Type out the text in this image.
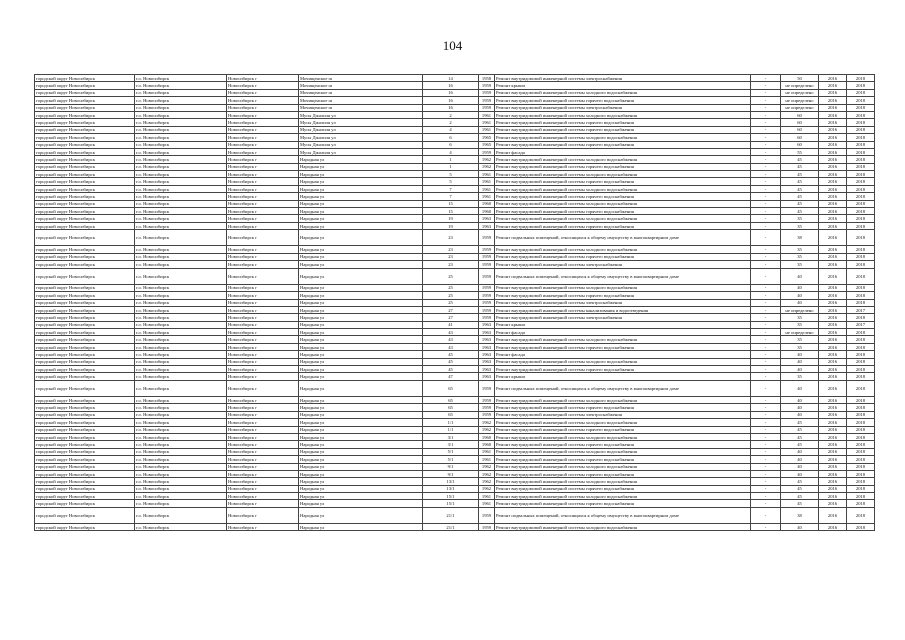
104
городской округ Новосибирск	г.о. Новосибирск	Новосибирск г	Мочищенское ш	14	1958	Ремонт внутридомовой инженерной системы электроснабжения	-	50	2016	2018
городской округ Новосибирск	г.о. Новосибирск	Новосибирск г	Мочищенское ш	16	1959	Ремонт крыши	-	не определено	2016	2018
городской округ Новосибирск	г.о. Новосибирск	Новосибирск г	Мочищенское ш	16	1959	Ремонт внутридомовой инженерной системы холодного водоснабжения	-	не определено	2016	2018
городской округ Новосибирск	г.о. Новосибирск	Новосибирск г	Мочищенское ш	16	1959	Ремонт внутридомовой инженерной системы горячего водоснабжения	-	не определено	2016	2018
городской округ Новосибирск	г.о. Новосибирск	Новосибирск г	Мочищенское ш	16	1959	Ремонт внутридомовой инженерной системы электроснабжения	-	не определено	2016	2018
городской округ Новосибирск	г.о. Новосибирск	Новосибирск г	Мусы Джалиля ул	2	1961	Ремонт внутридомовой инженерной системы холодного водоснабжения	-	60	2016	2018
городской округ Новосибирск	г.о. Новосибирск	Новосибирск г	Мусы Джалиля ул	2	1961	Ремонт внутридомовой инженерной системы горячего водоснабжения	-	60	2016	2018
городской округ Новосибирск	г.о. Новосибирск	Новосибирск г	Мусы Джалиля ул	4	1961	Ремонт внутридомовой инженерной системы горячего водоснабжения	-	60	2016	2018
городской округ Новосибирск	г.о. Новосибирск	Новосибирск г	Мусы Джалиля ул	6	1965	Ремонт внутридомовой инженерной системы холодного водоснабжения	-	60	2016	2018
городской округ Новосибирск	г.о. Новосибирск	Новосибирск г	Мусы Джалиля ул	6	1965	Ремонт внутридомовой инженерной системы горячего водоснабжения	-	60	2016	2018
городской округ Новосибирск	г.о. Новосибирск	Новосибирск г	Мусы Джалиля ул	4	1959	Ремонт фасада	-	55	2016	2018
городской округ Новосибирск	г.о. Новосибирск	Новосибирск г	Народная ул	1	1962	Ремонт внутридомовой инженерной системы холодного водоснабжения	-	45	2016	2018
городской округ Новосибирск	г.о. Новосибирск	Новосибирск г	Народная ул	1	1962	Ремонт внутридомовой инженерной системы горячего водоснабжения	-	45	2016	2018
городской округ Новосибирск	г.о. Новосибирск	Новосибирск г	Народная ул	5	1961	Ремонт внутридомовой инженерной системы холодного водоснабжения	-	45	2016	2018
городской округ Новосибирск	г.о. Новосибирск	Новосибирск г	Народная ул	5	1961	Ремонт внутридомовой инженерной системы горячего водоснабжения	-	45	2016	2018
городской округ Новосибирск	г.о. Новосибирск	Новосибирск г	Народная ул	7	1961	Ремонт внутридомовой инженерной системы холодного водоснабжения	-	45	2016	2018
городской округ Новосибирск	г.о. Новосибирск	Новосибирск г	Народная ул	7	1961	Ремонт внутридомовой инженерной системы горячего водоснабжения	-	45	2016	2018
городской округ Новосибирск	г.о. Новосибирск	Новосибирск г	Народная ул	15	1960	Ремонт внутридомовой инженерной системы холодного водоснабжения	-	45	2016	2018
городской округ Новосибирск	г.о. Новосибирск	Новосибирск г	Народная ул	15	1960	Ремонт внутридомовой инженерной системы горячего водоснабжения	-	45	2016	2018
городской округ Новосибирск	г.о. Новосибирск	Новосибирск г	Народная ул	19	1963	Ремонт внутридомовой инженерной системы холодного водоснабжения	-	35	2016	2018
городской округ Новосибирск	г.о. Новосибирск	Новосибирск г	Народная ул	19	1963	Ремонт внутридомовой инженерной системы горячего водоснабжения	-	35	2016	2018
городской округ Новосибирск	г.о. Новосибирск	Новосибирск г	Народная ул	23	1959	Ремонт подвальных помещений, относящихся к общему имуществу в многоквартирном доме	-	38	2016	2018
городской округ Новосибирск	г.о. Новосибирск	Новосибирск г	Народная ул	23	1959	Ремонт внутридомовой инженерной системы холодного водоснабжения	-	35	2016	2018
городской округ Новосибирск	г.о. Новосибирск	Новосибирск г	Народная ул	23	1959	Ремонт внутридомовой инженерной системы горячего водоснабжения	-	35	2016	2018
городской округ Новосибирск	г.о. Новосибирск	Новосибирск г	Народная ул	23	1959	Ремонт внутридомовой инженерной системы электроснабжения	-	35	2016	2018
городской округ Новосибирск	г.о. Новосибирск	Новосибирск г	Народная ул	25	1959	Ремонт подвальных помещений, относящихся к общему имуществу в многоквартирном доме	-	40	2016	2018
городской округ Новосибирск	г.о. Новосибирск	Новосибирск г	Народная ул	25	1959	Ремонт внутридомовой инженерной системы холодного водоснабжения	-	40	2016	2018
городской округ Новосибирск	г.о. Новосибирск	Новосибирск г	Народная ул	25	1959	Ремонт внутридомовой инженерной системы горячего водоснабжения	-	40	2016	2018
городской округ Новосибирск	г.о. Новосибирск	Новосибирск г	Народная ул	25	1959	Ремонт внутридомовой инженерной системы электроснабжения	-	40	2016	2018
городской округ Новосибирск	г.о. Новосибирск	Новосибирск г	Народная ул	27	1959	Ремонт внутридомовой инженерной системы канализования и водоотведения	-	не определено	2016	2017
городской округ Новосибирск	г.о. Новосибирск	Новосибирск г	Народная ул	27	1959	Ремонт внутридомовой инженерной системы электроснабжения	-	35	2016	2018
городской округ Новосибирск	г.о. Новосибирск	Новосибирск г	Народная ул	41	1963	Ремонт крыши	-	35	2016	2017
городской округ Новосибирск	г.о. Новосибирск	Новосибирск г	Народная ул	43	1963	Ремонт фасада	-	не определено	2016	2018
городской округ Новосибирск	г.о. Новосибирск	Новосибирск г	Народная ул	43	1963	Ремонт внутридомовой инженерной системы холодного водоснабжения	-	35	2016	2018
городской округ Новосибирск	г.о. Новосибирск	Новосибирск г	Народная ул	43	1963	Ремонт внутридомовой инженерной системы горячего водоснабжения	-	35	2016	2018
городской округ Новосибирск	г.о. Новосибирск	Новосибирск г	Народная ул	45	1963	Ремонт фасада	-	40	2016	2018
городской округ Новосибирск	г.о. Новосибирск	Новосибирск г	Народная ул	45	1963	Ремонт внутридомовой инженерной системы холодного водоснабжения	-	40	2016	2018
городской округ Новосибирск	г.о. Новосибирск	Новосибирск г	Народная ул	45	1963	Ремонт внутридомовой инженерной системы горячего водоснабжения	-	40	2016	2018
городской округ Новосибирск	г.о. Новосибирск	Новосибирск г	Народная ул	47	1963	Ремонт крыши	-	35	2016	2018
городской округ Новосибирск	г.о. Новосибирск	Новосибирск г	Народная ул	65	1959	Ремонт подвальных помещений, относящихся к общему имуществу в многоквартирном доме	-	40	2016	2018
городской округ Новосибирск	г.о. Новосибирск	Новосибирск г	Народная ул	65	1959	Ремонт внутридомовой инженерной системы холодного водоснабжения	-	40	2016	2018
городской округ Новосибирск	г.о. Новосибирск	Новосибирск г	Народная ул	65	1959	Ремонт внутридомовой инженерной системы горячего водоснабжения	-	40	2016	2018
городской округ Новосибирск	г.о. Новосибирск	Новосибирск г	Народная ул	65	1959	Ремонт внутридомовой инженерной системы электроснабжения	-	40	2016	2018
городской округ Новосибирск	г.о. Новосибирск	Новосибирск г	Народная ул	1/1	1962	Ремонт внутридомовой инженерной системы холодного водоснабжения	-	45	2016	2018
городской округ Новосибирск	г.о. Новосибирск	Новосибирск г	Народная ул	1/1	1962	Ремонт внутридомовой инженерной системы горячего водоснабжения	-	45	2016	2018
городской округ Новосибирск	г.о. Новосибирск	Новосибирск г	Народная ул	3/1	1960	Ремонт внутридомовой инженерной системы холодного водоснабжения	-	45	2016	2018
городской округ Новосибирск	г.о. Новосибирск	Новосибирск г	Народная ул	3/1	1960	Ремонт внутридомовой инженерной системы горячего водоснабжения	-	45	2016	2018
городской округ Новосибирск	г.о. Новосибирск	Новосибирск г	Народная ул	5/1	1961	Ремонт внутридомовой инженерной системы холодного водоснабжения	-	40	2016	2018
городской округ Новосибирск	г.о. Новосибирск	Новосибирск г	Народная ул	5/1	1961	Ремонт внутридомовой инженерной системы горячего водоснабжения	-	40	2016	2018
городской округ Новосибирск	г.о. Новосибирск	Новосибирск г	Народная ул	9/1	1962	Ремонт внутридомовой инженерной системы холодного водоснабжения	-	40	2016	2018
городской округ Новосибирск	г.о. Новосибирск	Новосибирск г	Народная ул	9/1	1962	Ремонт внутридомовой инженерной системы горячего водоснабжения	-	40	2016	2018
городской округ Новосибирск	г.о. Новосибирск	Новосибирск г	Народная ул	13/1	1962	Ремонт внутридомовой инженерной системы холодного водоснабжения	-	45	2016	2018
городской округ Новосибирск	г.о. Новосибирск	Новосибирск г	Народная ул	13/1	1962	Ремонт внутридомовой инженерной системы горячего водоснабжения	-	45	2016	2018
городской округ Новосибирск	г.о. Новосибирск	Новосибирск г	Народная ул	15/1	1961	Ремонт внутридомовой инженерной системы холодного водоснабжения	-	45	2016	2018
городской округ Новосибирск	г.о. Новосибирск	Новосибирск г	Народная ул	15/1	1961	Ремонт внутридомовой инженерной системы горячего водоснабжения	-	45	2016	2018
городской округ Новосибирск	г.о. Новосибирск	Новосибирск г	Народная ул	21/1	1959	Ремонт подвальных помещений, относящихся к общему имуществу в многоквартирном доме	-	38	2016	2018
городской округ Новосибирск	г.о. Новосибирск	Новосибирск г	Народная ул	21/1	1959	Ремонт внутридомовой инженерной системы холодного водоснабжения	-	40	2016	2018
